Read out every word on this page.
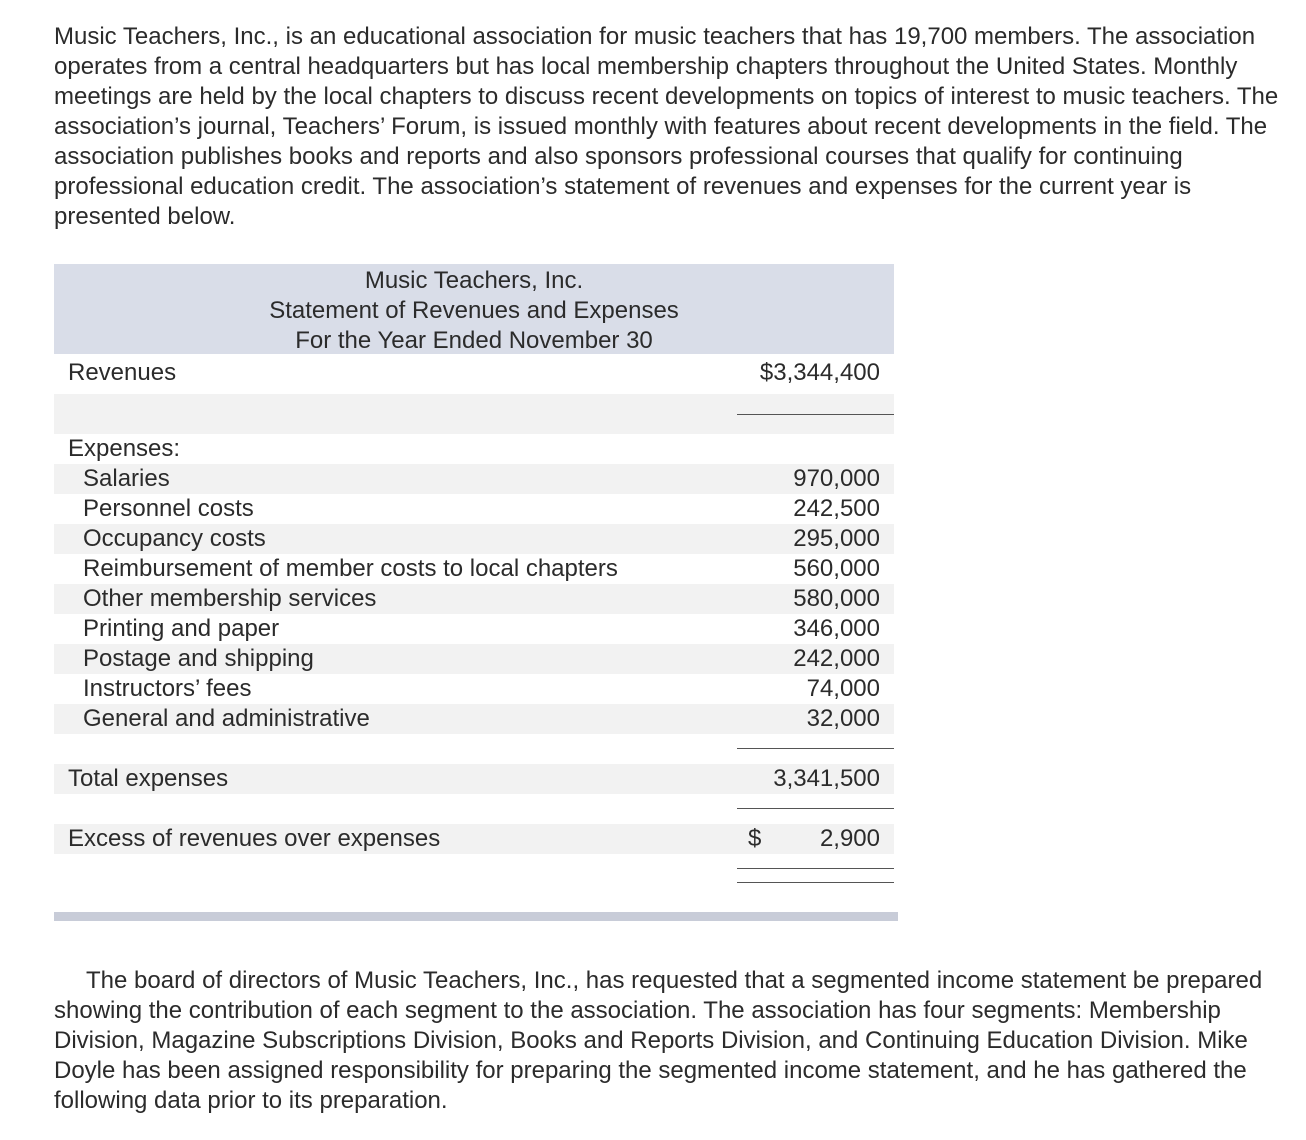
Music Teachers, Inc., is an educational association for music teachers that has 19,700 members. The association operates from a central headquarters but has local membership chapters throughout the United States. Monthly meetings are held by the local chapters to discuss recent developments on topics of interest to music teachers. The association’s journal, Teachers’ Forum, is issued monthly with features about recent developments in the field. The association publishes books and reports and also sponsors professional courses that qualify for continuing professional education credit. The association’s statement of revenues and expenses for the current year is presented below.

Music Teachers, Inc.
Statement of Revenues and Expenses
For the Year Ended November 30
Revenues	$3,344,400
Expenses:
Salaries	970,000
Personnel costs	242,500
Occupancy costs	295,000
Reimbursement of member costs to local chapters	560,000
Other membership services	580,000
Printing and paper	346,000
Postage and shipping	242,000
Instructors’ fees	74,000
General and administrative	32,000
Total expenses	3,341,500
Excess of revenues over expenses	$ 2,900

The board of directors of Music Teachers, Inc., has requested that a segmented income statement be prepared showing the contribution of each segment to the association. The association has four segments: Membership Division, Magazine Subscriptions Division, Books and Reports Division, and Continuing Education Division. Mike Doyle has been assigned responsibility for preparing the segmented income statement, and he has gathered the following data prior to its preparation.
